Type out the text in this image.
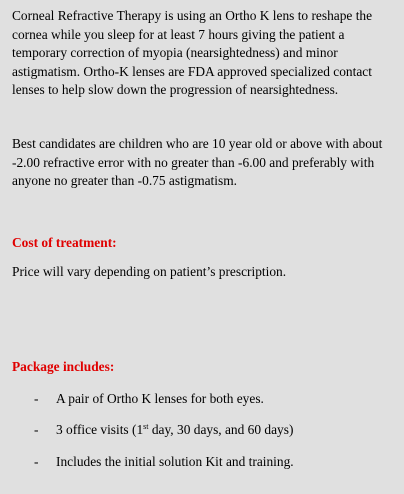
Corneal Refractive Therapy is using an Ortho K lens to reshape the cornea while you sleep for at least 7 hours giving the patient a temporary correction of myopia (nearsightedness) and minor astigmatism. Ortho-K lenses are FDA approved specialized contact lenses to help slow down the progression of nearsightedness.

Best candidates are children who are 10 year old or above with about -2.00 refractive error with no greater than -6.00 and preferably with anyone no greater than -0.75 astigmatism.

Cost of treatment:

Price will vary depending on patient’s prescription.

Package includes:

- A pair of Ortho K lenses for both eyes.
- 3 office visits (1st day, 30 days, and 60 days)
- Includes the initial solution Kit and training.
